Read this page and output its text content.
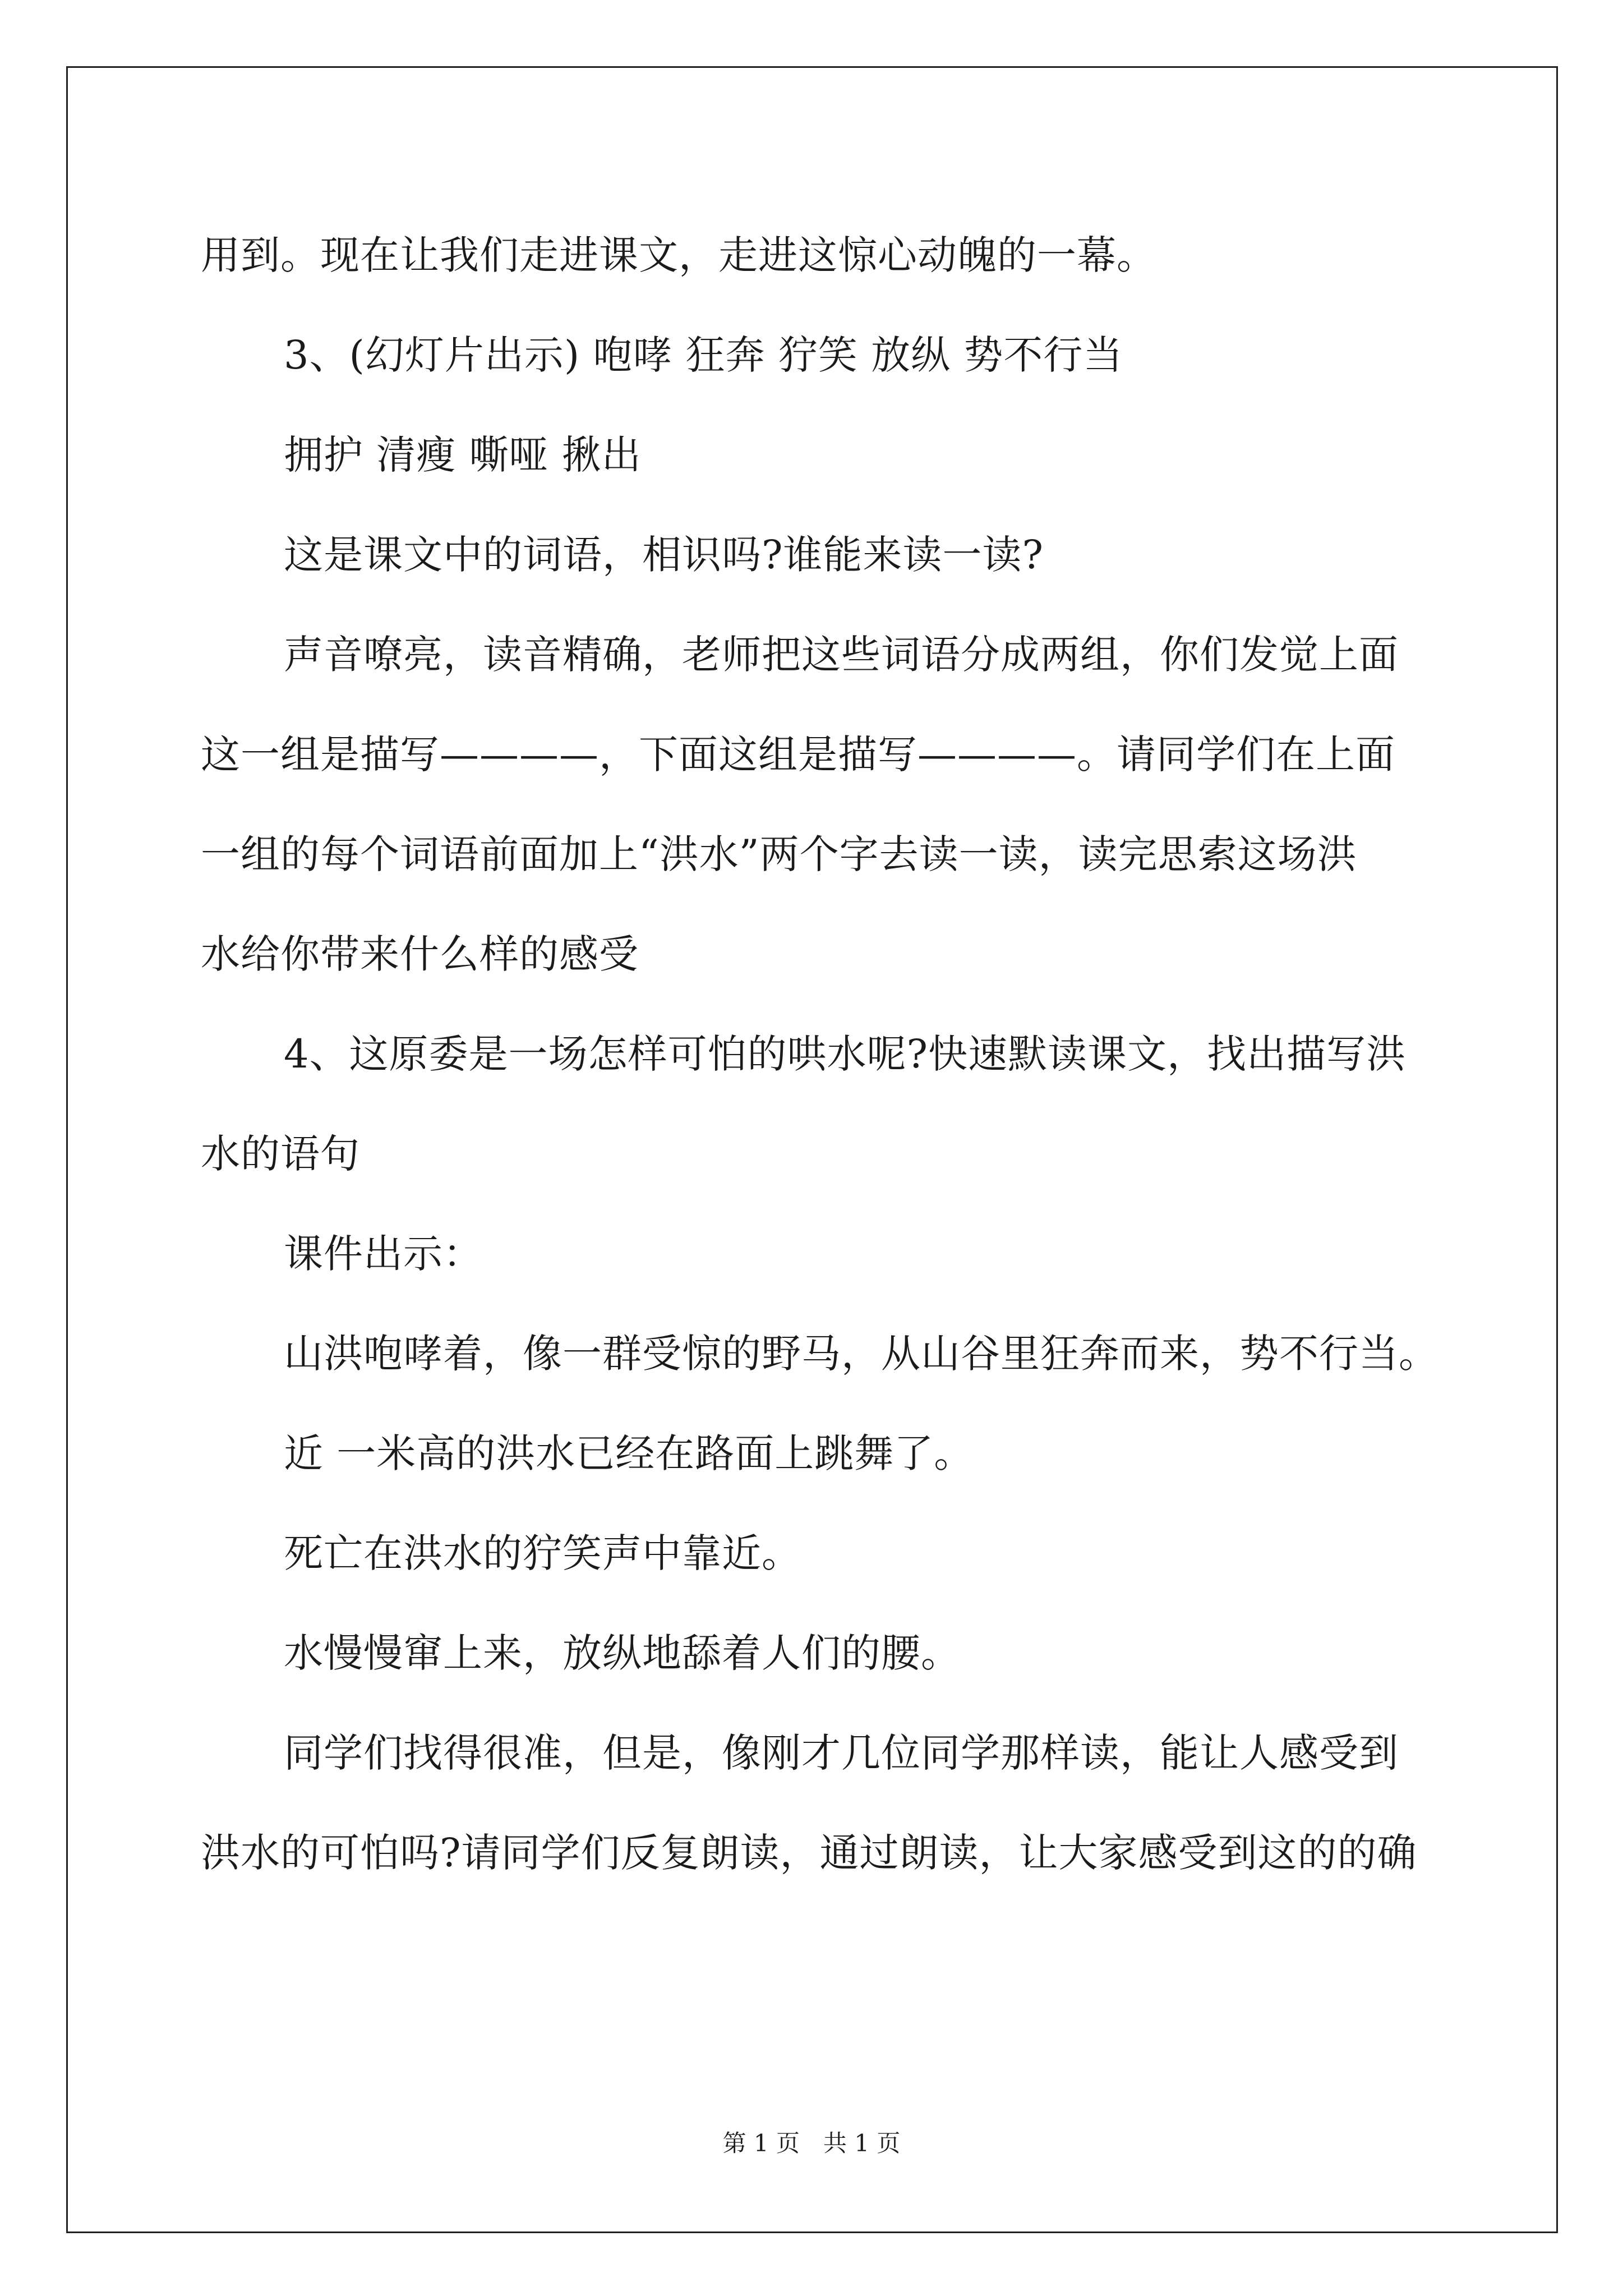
用到。现在让我们走进课文，走进这惊心动魄的一幕。
3、(幻灯片出示) 咆哮 狂奔 狞笑 放纵 势不行当
拥护 清瘦 嘶哑 揪出
这是课文中的词语，相识吗?谁能来读一读?
声音嘹亮，读音精确，老师把这些词语分成两组，你们发觉上面
这一组是描写————，下面这组是描写————。请同学们在上面
一组的每个词语前面加上“洪水”两个字去读一读，读完思索这场洪
水给你带来什么样的感受
4、这原委是一场怎样可怕的哄水呢?快速默读课文，找出描写洪
水的语句
课件出示：
山洪咆哮着，像一群受惊的野马，从山谷里狂奔而来，势不行当。
近 一米高的洪水已经在路面上跳舞了。
死亡在洪水的狞笑声中靠近。
水慢慢窜上来，放纵地舔着人们的腰。
同学们找得很准，但是，像刚才几位同学那样读，能让人感受到
洪水的可怕吗?请同学们反复朗读，通过朗读，让大家感受到这的的确
第 1 页　共 1 页
